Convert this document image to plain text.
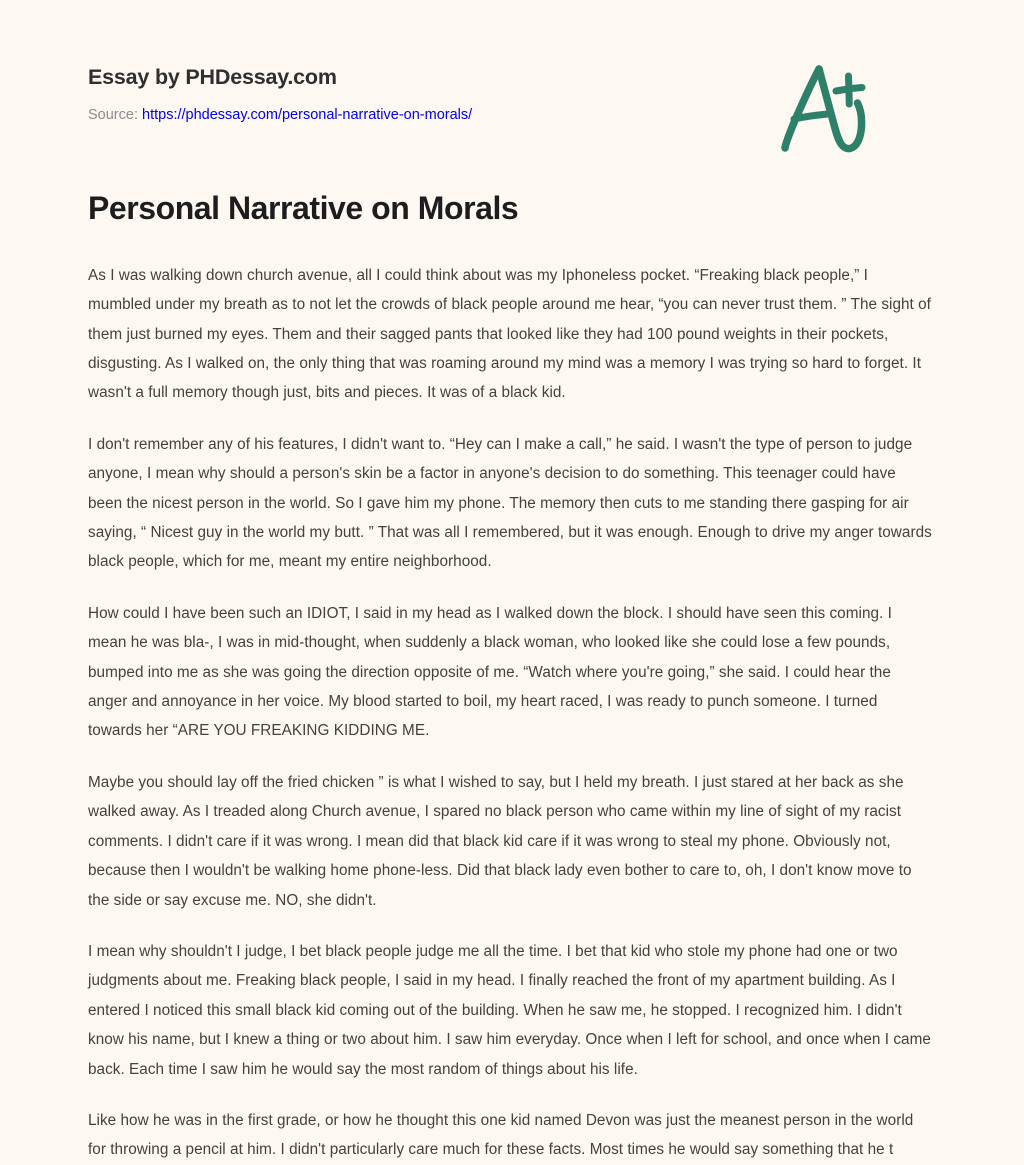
Essay by PHDessay.com
Source: https://phdessay.com/personal-narrative-on-morals/
Personal Narrative on Morals

As I was walking down church avenue, all I could think about was my Iphoneless pocket. “Freaking black people,” I mumbled under my breath as to not let the crowds of black people around me hear, “you can never trust them. ” The sight of them just burned my eyes. Them and their sagged pants that looked like they had 100 pound weights in their pockets, disgusting. As I walked on, the only thing that was roaming around my mind was a memory I was trying so hard to forget. It wasn't a full memory though just, bits and pieces. It was of a black kid.

I don't remember any of his features, I didn't want to. “Hey can I make a call,” he said. I wasn't the type of person to judge anyone, I mean why should a person's skin be a factor in anyone's decision to do something. This teenager could have been the nicest person in the world. So I gave him my phone. The memory then cuts to me standing there gasping for air saying, “ Nicest guy in the world my butt. ” That was all I remembered, but it was enough. Enough to drive my anger towards black people, which for me, meant my entire neighborhood.

How could I have been such an IDIOT, I said in my head as I walked down the block. I should have seen this coming. I mean he was bla-, I was in mid-thought, when suddenly a black woman, who looked like she could lose a few pounds, bumped into me as she was going the direction opposite of me. “Watch where you're going,” she said. I could hear the anger and annoyance in her voice. My blood started to boil, my heart raced, I was ready to punch someone. I turned towards her “ARE YOU FREAKING KIDDING ME.

Maybe you should lay off the fried chicken ” is what I wished to say, but I held my breath. I just stared at her back as she walked away. As I treaded along Church avenue, I spared no black person who came within my line of sight of my racist comments. I didn't care if it was wrong. I mean did that black kid care if it was wrong to steal my phone. Obviously not, because then I wouldn't be walking home phone-less. Did that black lady even bother to care to, oh, I don't know move to the side or say excuse me. NO, she didn't.

I mean why shouldn't I judge, I bet black people judge me all the time. I bet that kid who stole my phone had one or two judgments about me. Freaking black people, I said in my head. I finally reached the front of my apartment building. As I entered I noticed this small black kid coming out of the building. When he saw me, he stopped. I recognized him. I didn't know his name, but I knew a thing or two about him. I saw him everyday. Once when I left for school, and once when I came back. Each time I saw him he would say the most random of things about his life.

Like how he was in the first grade, or how he thought this one kid named Devon was just the meanest person in the world for throwing a pencil at him. I didn't particularly care much for these facts. Most times he would say something that he t
